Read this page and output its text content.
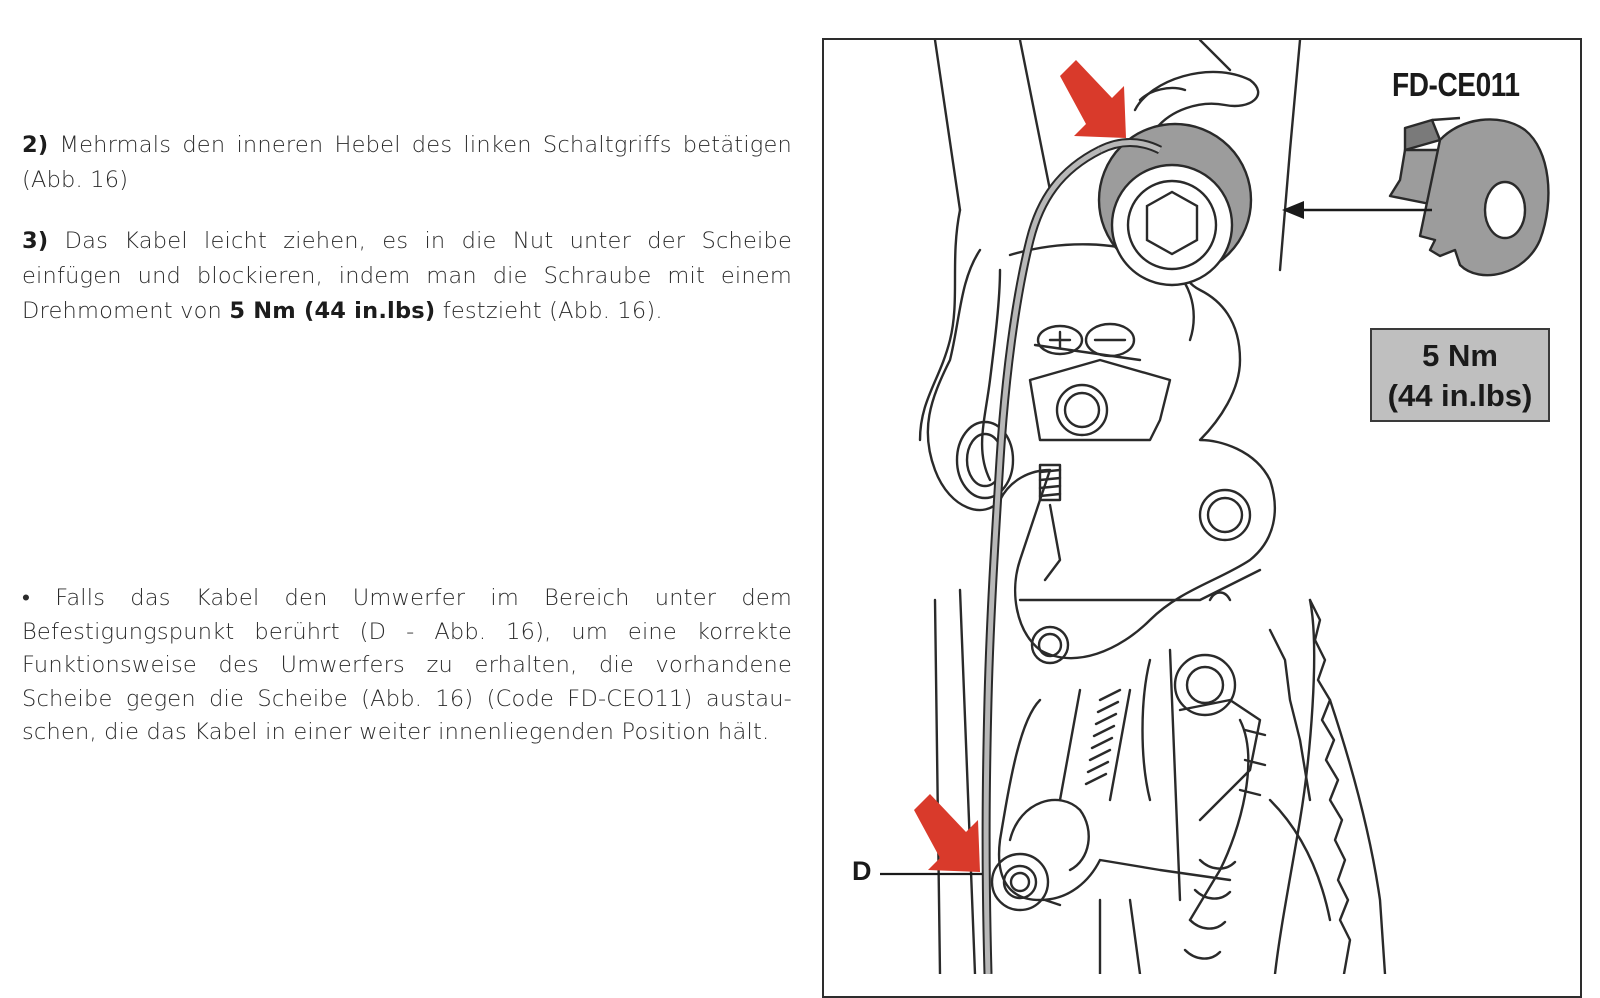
2) Mehrmals den inneren Hebel des linken Schaltgriffs betätigen (Abb. 16)

3) Das Kabel leicht ziehen, es in die Nut unter der Scheibe einfügen und blockieren, indem man die Schraube mit einem Drehmoment von 5 Nm (44 in.lbs) festzieht (Abb. 16).

• Falls das Kabel den Umwerfer im Bereich unter dem Befestigungspunkt berührt (D - Abb. 16), um eine korrekte Funktionsweise des Umwerfers zu erhalten, die vorhandene Scheibe gegen die Scheibe (Abb. 16) (Code FD-CEO11) austau-schen, die das Kabel in einer weiter innenliegenden Position hält.

FD-CE011
5 Nm
(44 in.lbs)
D
